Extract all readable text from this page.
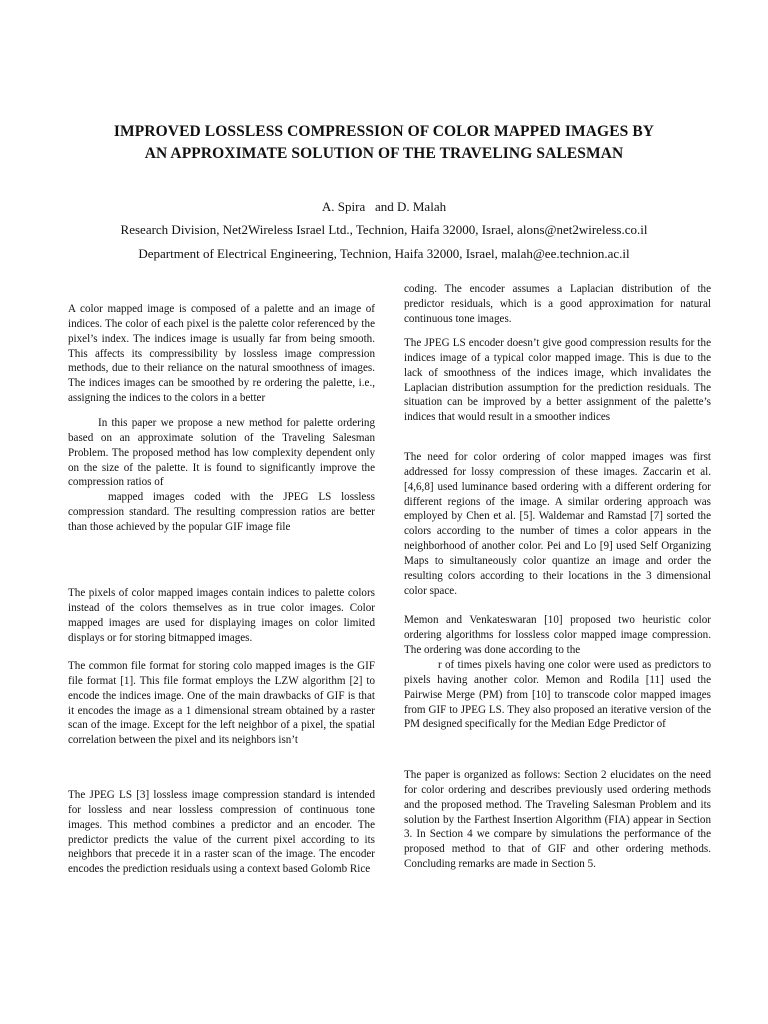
IMPROVED LOSSLESS COMPRESSION OF COLOR MAPPED IMAGES BY
AN APPROXIMATE SOLUTION OF THE TRAVELING SALESMAN

A. Spira   and D. Malah

Research Division, Net2Wireless Israel Ltd., Technion, Haifa 32000, Israel, alons@net2wireless.co.il

Department of Electrical Engineering, Technion, Haifa 32000, Israel, malah@ee.technion.ac.il

A color mapped image is composed of a palette and an image of indices. The color of each pixel is the palette color referenced by the pixel’s index. The indices image is usually far from being smooth. This affects its compressibility by lossless image compression methods, due to their reliance on the natural smoothness of images. The indices images can be smoothed by re ordering the palette, i.e., assigning the indices to the colors in a better

In this paper we propose a new method for palette ordering based on an approximate solution of the Traveling Salesman Problem. The proposed method has low complexity dependent only on the size of the palette. It is found to significantly improve the compression ratios of

mapped images coded with the JPEG LS lossless compression standard. The resulting compression ratios are better than those achieved by the popular GIF image file

The pixels of color mapped images contain indices to palette colors instead of the colors themselves as in true color images. Color mapped images are used for displaying images on color limited displays or for storing bitmapped images.

The common file format for storing colo mapped images is the GIF file format [1]. This file format employs the LZW algorithm [2] to encode the indices image. One of the main drawbacks of GIF is that it encodes the image as a 1 dimensional stream obtained by a raster scan of the image. Except for the left neighbor of a pixel, the spatial correlation between the pixel and its neighbors isn’t

The JPEG LS [3] lossless image compression standard is intended for lossless and near lossless compression of continuous tone images. This method combines a predictor and an encoder. The predictor predicts the value of the current pixel according to its neighbors that precede it in a raster scan of the image. The encoder encodes the prediction residuals using a context based Golomb Rice

coding. The encoder assumes a Laplacian distribution of the predictor residuals, which is a good approximation for natural continuous tone images.

The JPEG LS encoder doesn’t give good compression results for the indices image of a typical color mapped image. This is due to the lack of smoothness of the indices image, which invalidates the Laplacian distribution assumption for the prediction residuals. The situation can be improved by a better assignment of the palette’s indices that would result in a smoother indices

The need for color ordering of color mapped images was first addressed for lossy compression of these images. Zaccarin et al. [4,6,8] used luminance based ordering with a different ordering for different regions of the image. A similar ordering approach was employed by Chen et al. [5]. Waldemar and Ramstad [7] sorted the colors according to the number of times a color appears in the neighborhood of another color. Pei and Lo [9] used Self Organizing Maps to simultaneously color quantize an image and order the resulting colors according to their locations in the 3 dimensional color space.

Memon and Venkateswaran [10] proposed two heuristic color ordering algorithms for lossless color mapped image compression. The ordering was done according to the

r of times pixels having one color were used as predictors to pixels having another color. Memon and Rodila [11] used the Pairwise Merge (PM) from [10] to transcode color mapped images from GIF to JPEG LS. They also proposed an iterative version of the PM designed specifically for the Median Edge Predictor of

The paper is organized as follows: Section 2 elucidates on the need for color ordering and describes previously used ordering methods and the proposed method. The Traveling Salesman Problem and its solution by the Farthest Insertion Algorithm (FIA) appear in Section 3. In Section 4 we compare by simulations the performance of the proposed method to that of GIF and other ordering methods. Concluding remarks are made in Section 5.
